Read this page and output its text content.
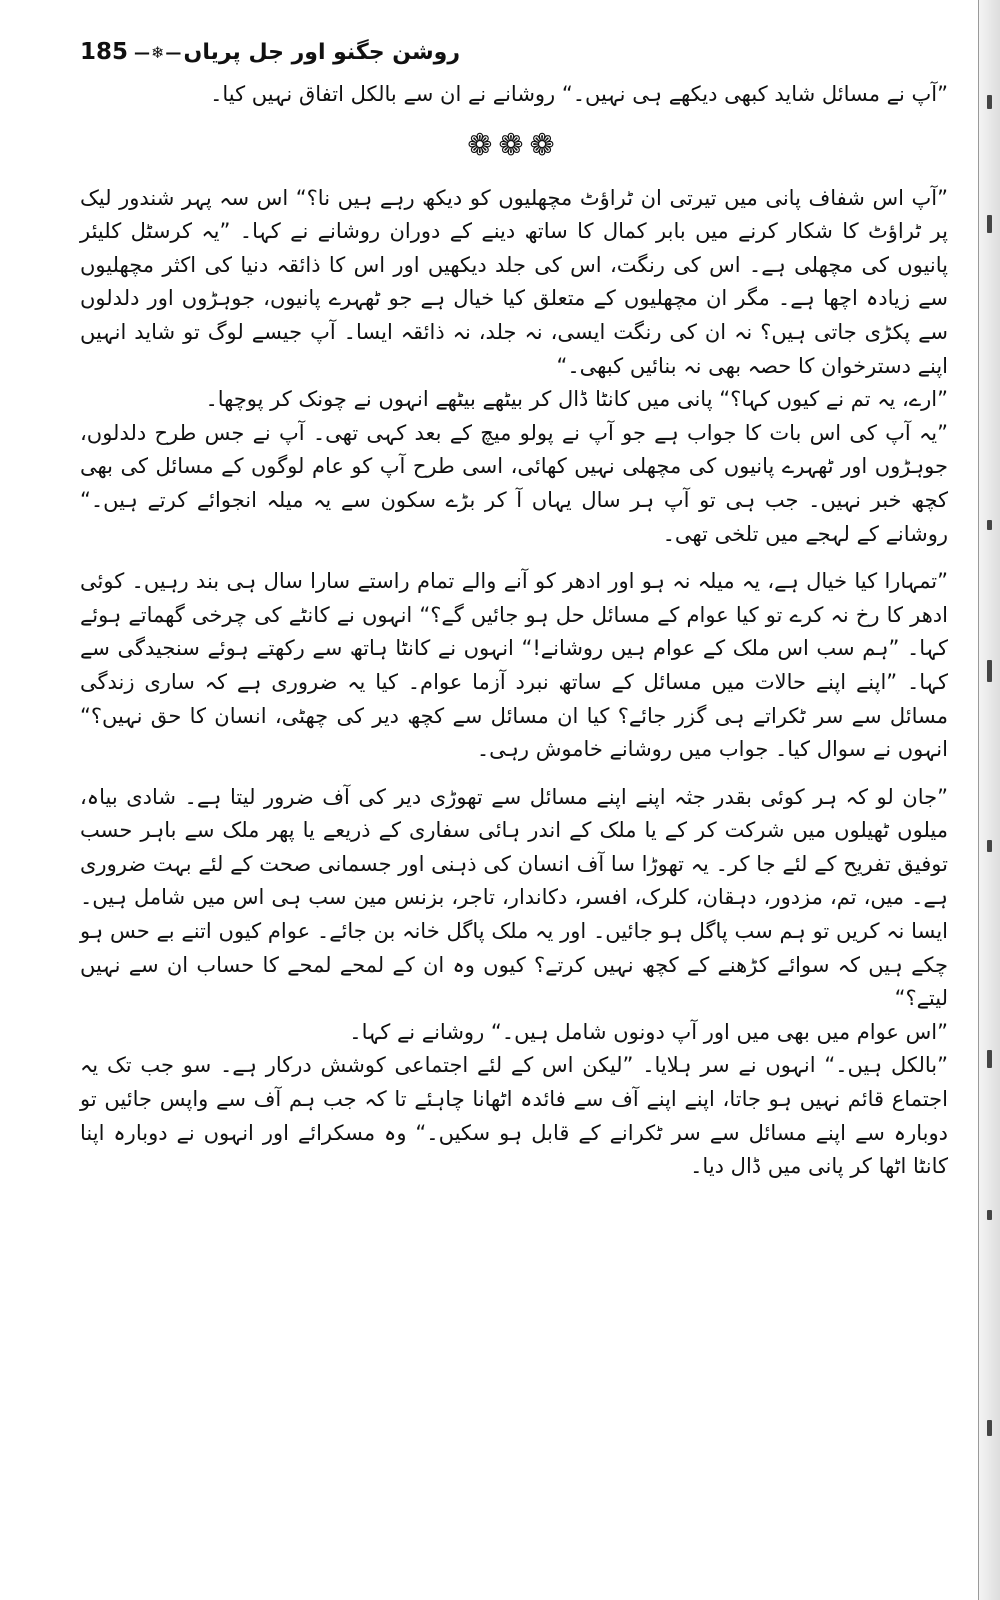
185 —❄— روشن جگنو اور جل پریاں

”آپ نے مسائل شاید کبھی دیکھے ہی نہیں۔“ روشانے نے ان سے بالکل اتفاق نہیں کیا۔

❁❁❁

”آپ اس شفاف پانی میں تیرتی ان ٹراؤٹ مچھلیوں کو دیکھ رہے ہیں نا؟“ اس سہ پہر شندور لیک پر ٹراؤٹ کا شکار کرنے میں بابر کمال کا ساتھ دینے کے دوران روشانے نے کہا۔ ”یہ کرسٹل کلیئر پانیوں کی مچھلی ہے۔ اس کی رنگت، اس کی جلد دیکھیں اور اس کا ذائقہ دنیا کی اکثر مچھلیوں سے زیادہ اچھا ہے۔ مگر ان مچھلیوں کے متعلق کیا خیال ہے جو ٹھہرے پانیوں، جوہڑوں اور دلدلوں سے پکڑی جاتی ہیں؟ نہ ان کی رنگت ایسی، نہ جلد، نہ ذائقہ ایسا۔ آپ جیسے لوگ تو شاید انہیں اپنے دسترخوان کا حصہ بھی نہ بنائیں کبھی۔“

”ارے، یہ تم نے کیوں کہا؟“ پانی میں کانٹا ڈال کر بیٹھے بیٹھے انہوں نے چونک کر پوچھا۔

”یہ آپ کی اس بات کا جواب ہے جو آپ نے پولو میچ کے بعد کہی تھی۔ آپ نے جس طرح دلدلوں، جوہڑوں اور ٹھہرے پانیوں کی مچھلی نہیں کھائی، اسی طرح آپ کو عام لوگوں کے مسائل کی بھی کچھ خبر نہیں۔ جب ہی تو آپ ہر سال یہاں آ کر بڑے سکون سے یہ میلہ انجوائے کرتے ہیں۔“ روشانے کے لہجے میں تلخی تھی۔

”تمہارا کیا خیال ہے، یہ میلہ نہ ہو اور ادھر کو آنے والے تمام راستے سارا سال ہی بند رہیں۔ کوئی ادھر کا رخ نہ کرے تو کیا عوام کے مسائل حل ہو جائیں گے؟“ انہوں نے کانٹے کی چرخی گھماتے ہوئے کہا۔ ”ہم سب اس ملک کے عوام ہیں روشانے!“ انہوں نے کانٹا ہاتھ سے رکھتے ہوئے سنجیدگی سے کہا۔ ”اپنے اپنے حالات میں مسائل کے ساتھ نبرد آزما عوام۔ کیا یہ ضروری ہے کہ ساری زندگی مسائل سے سر ٹکراتے ہی گزر جائے؟ کیا ان مسائل سے کچھ دیر کی چھٹی، انسان کا حق نہیں؟“ انہوں نے سوال کیا۔ جواب میں روشانے خاموش رہی۔

”جان لو کہ ہر کوئی بقدر جثہ اپنے اپنے مسائل سے تھوڑی دیر کی آف ضرور لیتا ہے۔ شادی بیاہ، میلوں ٹھیلوں میں شرکت کر کے یا ملک کے اندر ہائی سفاری کے ذریعے یا پھر ملک سے باہر حسب توفیق تفریح کے لئے جا کر۔ یہ تھوڑا سا آف انسان کی ذہنی اور جسمانی صحت کے لئے بہت ضروری ہے۔ میں، تم، مزدور، دہقان، کلرک، افسر، دکاندار، تاجر، بزنس مین سب ہی اس میں شامل ہیں۔ ایسا نہ کریں تو ہم سب پاگل ہو جائیں۔ اور یہ ملک پاگل خانہ بن جائے۔ عوام کیوں اتنے بے حس ہو چکے ہیں کہ سوائے کڑھنے کے کچھ نہیں کرتے؟ کیوں وہ ان کے لمحے لمحے کا حساب ان سے نہیں لیتے؟“

”اس عوام میں بھی میں اور آپ دونوں شامل ہیں۔“ روشانے نے کہا۔

”بالکل ہیں۔“ انہوں نے سر ہلایا۔ ”لیکن اس کے لئے اجتماعی کوشش درکار ہے۔ سو جب تک یہ اجتماع قائم نہیں ہو جاتا، اپنے اپنے آف سے فائدہ اٹھانا چاہئے تا کہ جب ہم آف سے واپس جائیں تو دوبارہ سے اپنے مسائل سے سر ٹکرانے کے قابل ہو سکیں۔“ وہ مسکرائے اور انہوں نے دوبارہ اپنا کانٹا اٹھا کر پانی میں ڈال دیا۔
